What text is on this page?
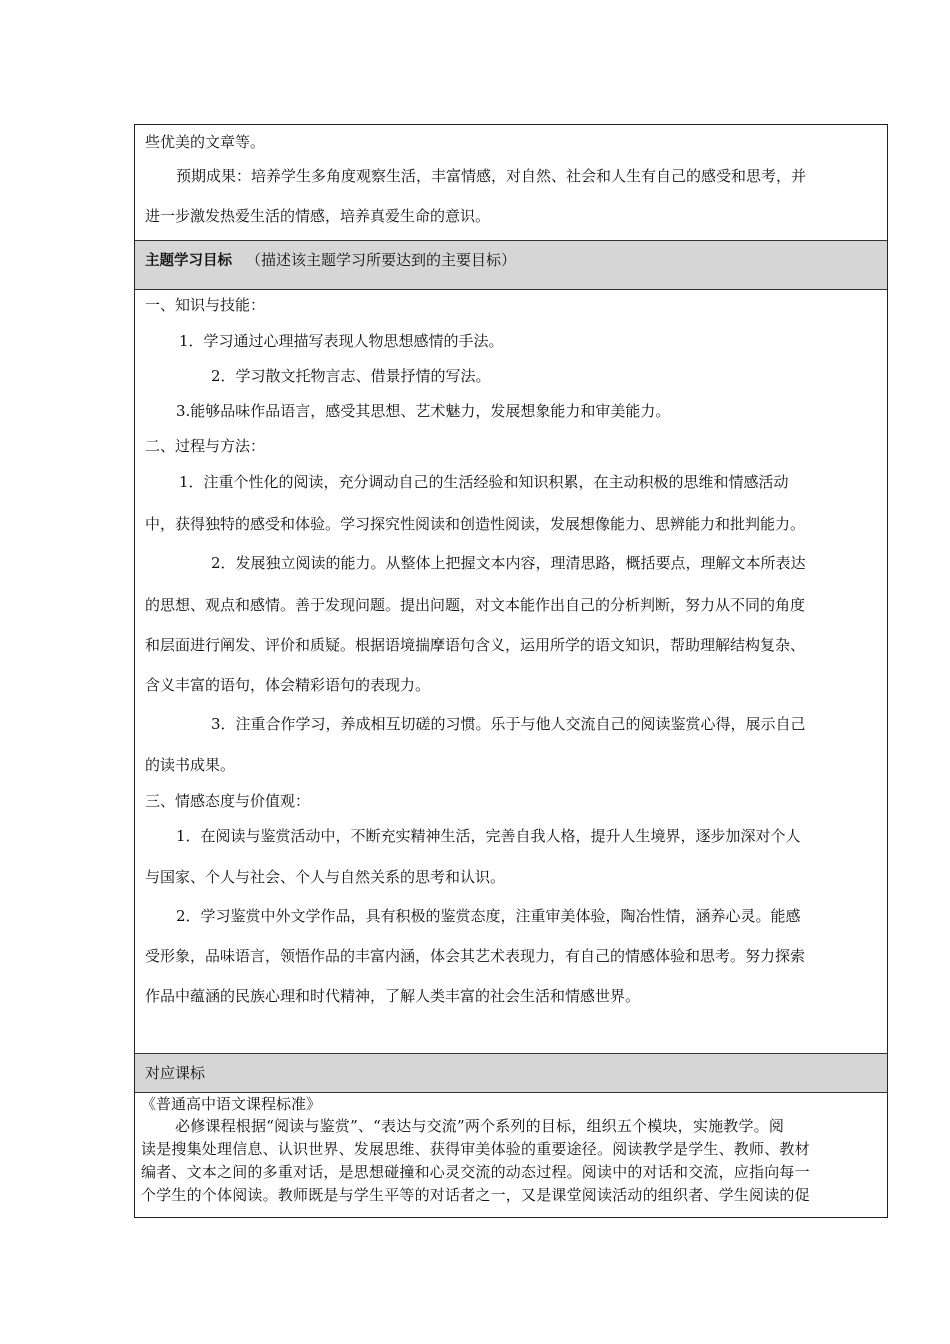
些优美的文章等。
预期成果：培养学生多角度观察生活，丰富情感，对自然、社会和人生有自己的感受和思考，并
进一步激发热爱生活的情感，培养真爱生命的意识。
主题学习目标 （描述该主题学习所要达到的主要目标）
一、知识与技能：
1．学习通过心理描写表现人物思想感情的手法。
2．学习散文托物言志、借景抒情的写法。
3.能够品味作品语言，感受其思想、艺术魅力，发展想象能力和审美能力。
二、过程与方法：
1．注重个性化的阅读，充分调动自己的生活经验和知识积累，在主动积极的思维和情感活动
中，获得独特的感受和体验。学习探究性阅读和创造性阅读，发展想像能力、思辨能力和批判能力。
2．发展独立阅读的能力。从整体上把握文本内容，理清思路，概括要点，理解文本所表达
的思想、观点和感情。善于发现问题。提出问题，对文本能作出自己的分析判断，努力从不同的角度
和层面进行阐发、评价和质疑。根据语境揣摩语句含义，运用所学的语文知识，帮助理解结构复杂、
含义丰富的语句，体会精彩语句的表现力。
3．注重合作学习，养成相互切磋的习惯。乐于与他人交流自己的阅读鉴赏心得，展示自己
的读书成果。
三、情感态度与价值观：
1．在阅读与鉴赏活动中，不断充实精神生活，完善自我人格，提升人生境界，逐步加深对个人
与国家、个人与社会、个人与自然关系的思考和认识。
2．学习鉴赏中外文学作品，具有积极的鉴赏态度，注重审美体验，陶冶性情，涵养心灵。能感
受形象，品味语言，领悟作品的丰富内涵，体会其艺术表现力，有自己的情感体验和思考。努力探索
作品中蕴涵的民族心理和时代精神，了解人类丰富的社会生活和情感世界。
对应课标
《普通高中语文课程标准》
必修课程根据“阅读与鉴赏”、“表达与交流”两个系列的目标，组织五个模块，实施教学。阅
读是搜集处理信息、认识世界、发展思维、获得审美体验的重要途径。阅读教学是学生、教师、教材
编者、文本之间的多重对话，是思想碰撞和心灵交流的动态过程。阅读中的对话和交流，应指向每一
个学生的个体阅读。教师既是与学生平等的对话者之一，又是课堂阅读活动的组织者、学生阅读的促
